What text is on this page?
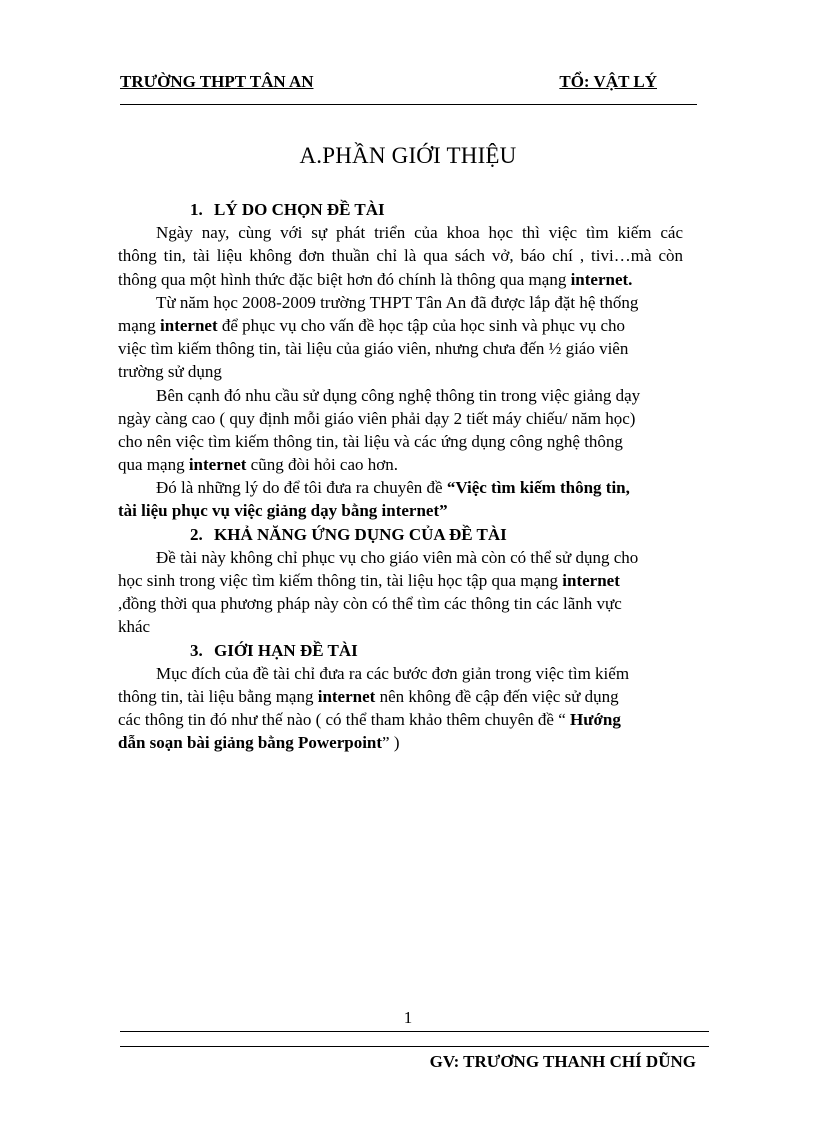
TRƯỜNG THPT TÂN AN	TỔ: VẬT LÝ
A.PHẦN GIỚI THIỆU
1. LÝ DO CHỌN ĐỀ TÀI
Ngày nay, cùng với sự phát triển của khoa học thì việc tìm kiếm các
thông tin, tài liệu không đơn thuần chỉ là qua sách vở, báo chí , tivi…mà còn
thông qua một hình thức đặc biệt hơn đó chính là thông qua mạng internet.
Từ năm học 2008-2009 trường THPT Tân An đã được lắp đặt hệ thống
mạng internet để phục vụ cho vấn đề học tập của học sinh và phục vụ cho
việc tìm kiếm thông tin, tài liệu của giáo viên, nhưng chưa đến ½ giáo viên
trường sử dụng
Bên cạnh đó nhu cầu sử dụng công nghệ thông tin trong việc giảng dạy
ngày càng cao ( quy định mỗi giáo viên phải dạy 2 tiết máy chiếu/ năm học)
cho nên việc tìm kiếm thông tin, tài liệu và các ứng dụng công nghệ thông
qua mạng internet cũng đòi hỏi cao hơn.
Đó là những lý do để tôi đưa ra chuyên đề “Việc tìm kiếm thông tin,
tài liệu phục vụ việc giảng dạy bằng internet”
2. KHẢ NĂNG ỨNG DỤNG CỦA ĐỀ TÀI
Đề tài này không chỉ phục vụ cho giáo viên mà còn có thể sử dụng cho
học sinh trong việc tìm kiếm thông tin, tài liệu học tập qua mạng internet
,đồng thời qua phương pháp này còn có thể tìm các thông tin các lãnh vực
khác
3. GIỚI HẠN ĐỀ TÀI
Mục đích của đề tài chỉ đưa ra các bước đơn giản trong việc tìm kiếm
thông tin, tài liệu bằng mạng internet nên không đề cập đến việc sử dụng
các thông tin đó như thế nào ( có thể tham khảo thêm chuyên đề “ Hướng
dẫn soạn bài giảng bằng Powerpoint” )
1
GV: TRƯƠNG THANH CHÍ DŨNG
